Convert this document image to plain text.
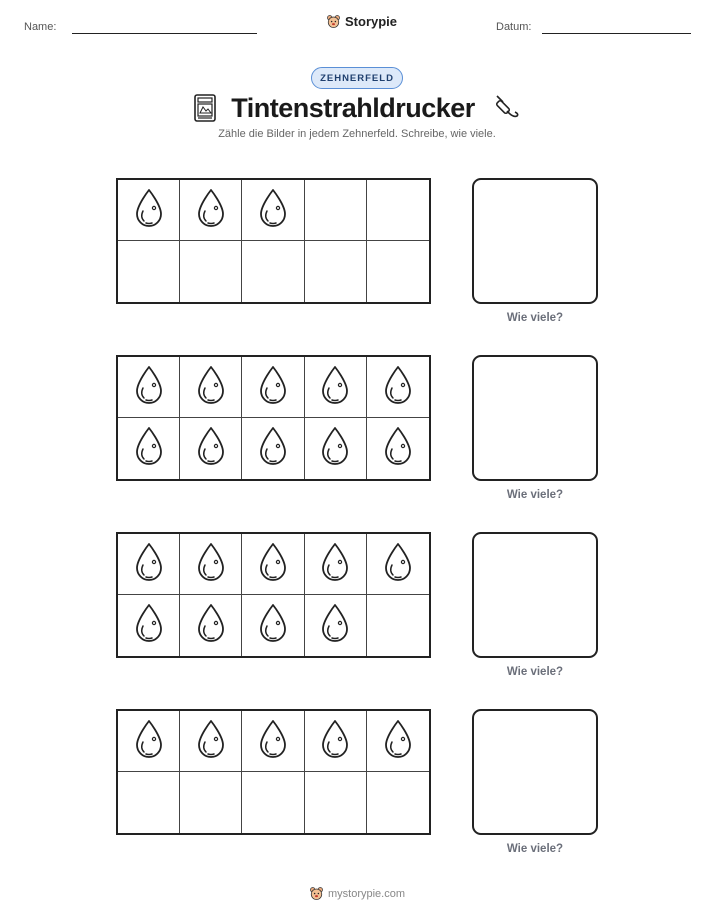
Name:	Storypie	Datum:
ZEHNERFELD
Tintenstrahldrucker
Zähle die Bilder in jedem Zehnerfeld. Schreibe, wie viele.
Wie viele?
Wie viele?
Wie viele?
Wie viele?
mystorypie.com
